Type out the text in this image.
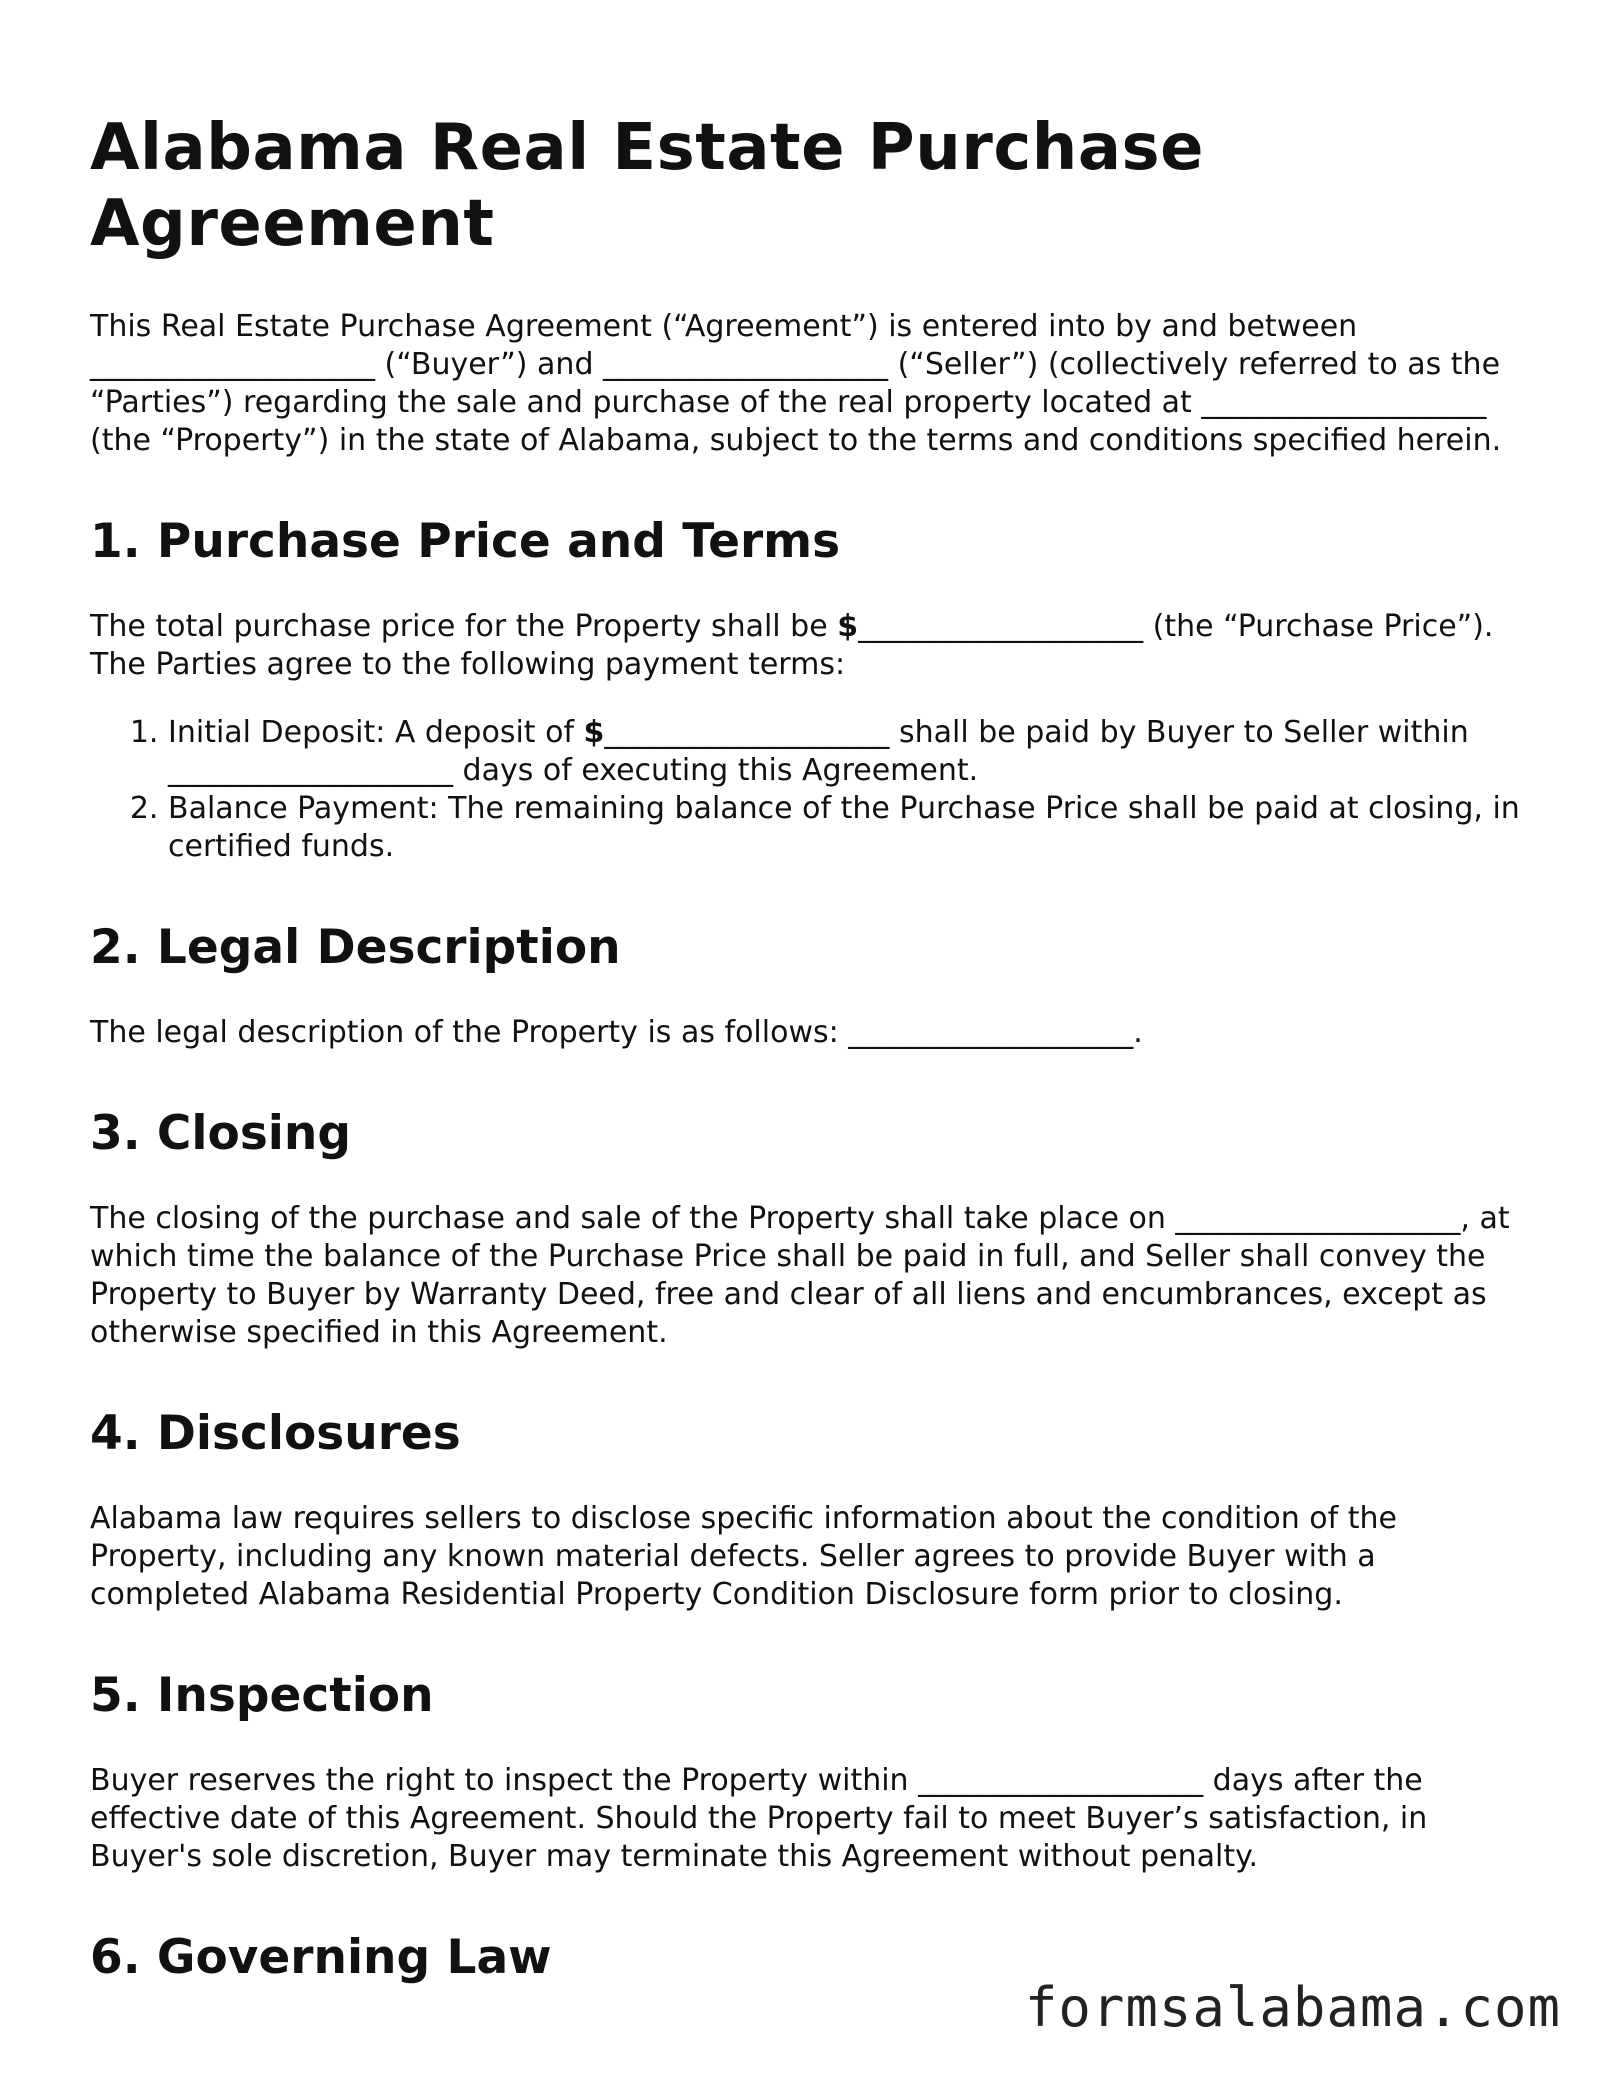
Alabama Real Estate Purchase Agreement

This Real Estate Purchase Agreement (“Agreement”) is entered into by and between
___________________ (“Buyer”) and ___________________ (“Seller”) (collectively referred to as the “Parties”) regarding the sale and purchase of the real property located at ___________________ (the “Property”) in the state of Alabama, subject to the terms and conditions specified herein.

1. Purchase Price and Terms

The total purchase price for the Property shall be $___________________ (the “Purchase Price”). The Parties agree to the following payment terms:

1. Initial Deposit: A deposit of $___________________ shall be paid by Buyer to Seller within ___________________ days of executing this Agreement.
2. Balance Payment: The remaining balance of the Purchase Price shall be paid at closing, in certified funds.
2. Legal Description

The legal description of the Property is as follows: ___________________.

3. Closing

The closing of the purchase and sale of the Property shall take place on ___________________, at which time the balance of the Purchase Price shall be paid in full, and Seller shall convey the Property to Buyer by Warranty Deed, free and clear of all liens and encumbrances, except as otherwise specified in this Agreement.

4. Disclosures

Alabama law requires sellers to disclose specific information about the condition of the Property, including any known material defects. Seller agrees to provide Buyer with a completed Alabama Residential Property Condition Disclosure form prior to closing.

5. Inspection

Buyer reserves the right to inspect the Property within ___________________ days after the effective date of this Agreement. Should the Property fail to meet Buyer’s satisfaction, in Buyer's sole discretion, Buyer may terminate this Agreement without penalty.

6. Governing Law
formsalabama.com
